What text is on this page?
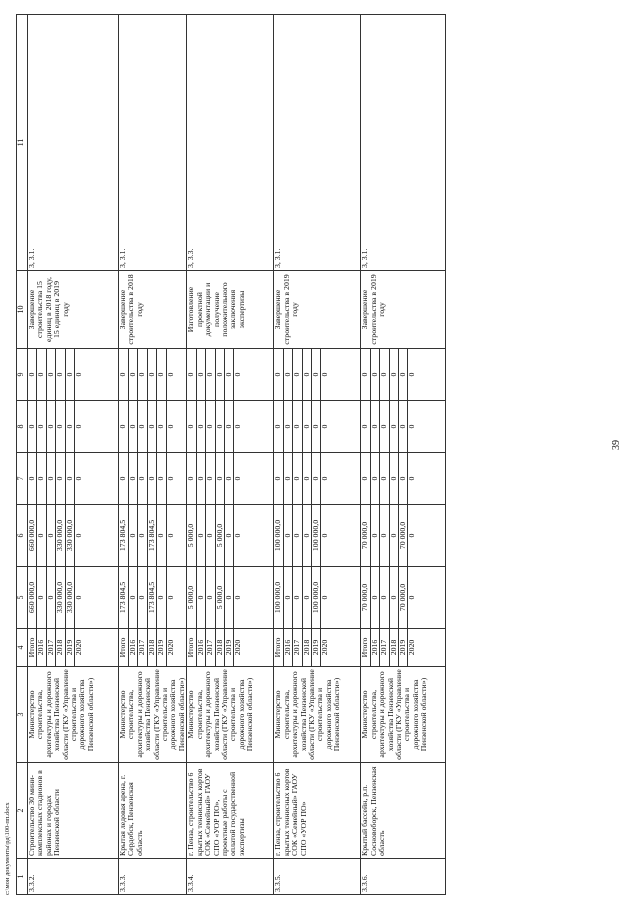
39
c:\мои документы\рд\100-пп.docx 1	2	3	4	5	6	7	8	9	10	11
3.3.2.	Строительство 30 мини-комплексных стадионов в районах и городах Пензенской области	Министерство строительства, архитектуры и дорожного хозяйства Пензенской области (ГКУ «Управление строительства и дорожного хозяйства Пензенской области»)	Итого	660 000,0	660 000,0	0	0	0	Завершение строительства 15 единиц в 2018 году, 15 единиц в 2019 году	3, 3.1.
			2016	0	0	0	0	0		
			2017	0	0	0	0	0		
			2018	330 000,0	330 000,0	0	0	0		
			2019	330 000,0	330 000,0	0	0	0		
			2020	0	0	0	0	0		
3.3.3.	Крытая ледовая арена, г. Сердобск, Пензенская область	Министерство строительства, архитектуры и дорожного хозяйства Пензенской области (ГКУ «Управление строительства и дорожного хозяйства Пензенской области»)	Итого	173 804,5	173 804,5	0	0	0	Завершение строительства в 2018 году	3, 3.1.
			2016	0	0	0	0	0		
			2017	0	0	0	0	0		
			2018	173 804,5	173 804,5	0	0	0		
			2019	0	0	0	0	0		
			2020	0	0	0	0	0		
3.3.4.	г. Пенза, строительство 6 крытых теннисных кортов СОК «Семейный» ГАОУ СПО «УОР ПО», проектные работы с оплатой государственной экспертизы	Министерство строительства, архитектуры и дорожного хозяйства Пензенской области (ГКУ «Управление строительства и дорожного хозяйства Пензенской области»)	Итого	5 000,0	5 000,0	0	0	0	Изготовление проектной документации и получение положительного заключения экспертизы	3, 3.3.
			2016	0	0	0	0	0		
			2017	0	0	0	0	0		
			2018	5 000,0	5 000,0	0	0	0		
			2019	0	0	0	0	0		
			2020	0	0	0	0	0		
3.3.5.	г. Пенза, строительство 6 крытых теннисных кортов СОК «Семейный» ГАОУ СПО «УОР ПО»	Министерство строительства, архитектуры и дорожного хозяйства Пензенской области (ГКУ «Управление строительства и дорожного хозяйства Пензенской области»)	Итого	100 000,0	100 000,0	0	0	0	Завершение строительства в 2019 году	3, 3.1.
			2016	0	0	0	0	0		
			2017	0	0	0	0	0		
			2018	0	0	0	0	0		
			2019	100 000,0	100 000,0	0	0	0		
			2020	0	0	0	0	0		
3.3.6.	Крытый бассейн, р.п. Сосновоборск, Пензенская область	Министерство строительства, архитектуры и дорожного хозяйства Пензенской области (ГКУ «Управление строительства и дорожного хозяйства Пензенской области»)	Итого	70 000,0	70 000,0	0	0	0	Завершение строительства в 2019 году	3, 3.1.
			2016	0	0	0	0	0		
			2017	0	0	0	0	0		
			2018	0	0	0	0	0		
			2019	70 000,0	70 000,0	0	0	0		
			2020	0	0	0	0	0		
